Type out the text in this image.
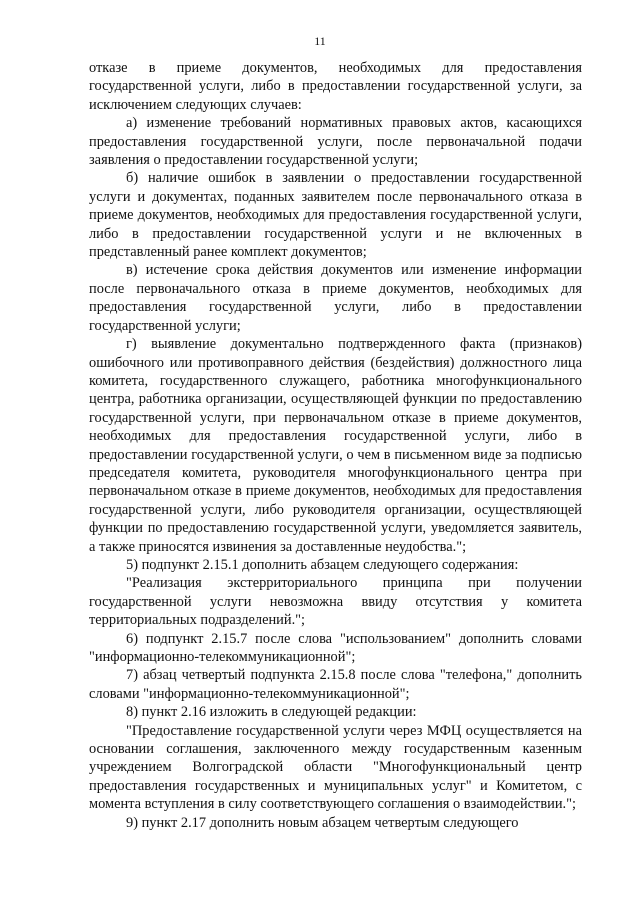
11

отказе в приеме документов, необходимых для предоставления государственной услуги, либо в предоставлении государственной услуги, за исключением следующих случаев:

а) изменение требований нормативных правовых актов, касающихся предоставления государственной услуги, после первоначальной подачи заявления о предоставлении государственной услуги;

б) наличие ошибок в заявлении о предоставлении государственной услуги и документах, поданных заявителем после первоначального отказа в приеме документов, необходимых для предоставления государственной услуги, либо в предоставлении государственной услуги и не включенных в представленный ранее комплект документов;

в) истечение срока действия документов или изменение информации после первоначального отказа в приеме документов, необходимых для предоставления государственной услуги, либо в предоставлении государственной услуги;

г) выявление документально подтвержденного факта (признаков) ошибочного или противоправного действия (бездействия) должностного лица комитета, государственного служащего, работника многофункционального центра, работника организации, осуществляющей функции по предоставлению государственной услуги, при первоначальном отказе в приеме документов, необходимых для предоставления государственной услуги, либо в предоставлении государственной услуги, о чем в письменном виде за подписью председателя комитета, руководителя многофункционального центра при первоначальном отказе в приеме документов, необходимых для предоставления государственной услуги, либо руководителя организации, осуществляющей функции по предоставлению государственной услуги, уведомляется заявитель, а также приносятся извинения за доставленные неудобства.";

5) подпункт 2.15.1 дополнить абзацем следующего содержания:

"Реализация экстерриториального принципа при получении государственной услуги невозможна ввиду отсутствия у комитета территориальных подразделений.";

6) подпункт 2.15.7 после слова "использованием" дополнить словами "информационно-телекоммуникационной";

7) абзац четвертый подпункта 2.15.8 после слова "телефона," дополнить словами "информационно-телекоммуникационной";

8) пункт 2.16 изложить в следующей редакции:

"Предоставление государственной услуги через МФЦ осуществляется на основании соглашения, заключенного между государственным казенным учреждением Волгоградской области "Многофункциональный центр предоставления государственных и муниципальных услуг" и Комитетом, с момента вступления в силу соответствующего соглашения о взаимодействии.";

9) пункт 2.17 дополнить новым абзацем четвертым следующего
